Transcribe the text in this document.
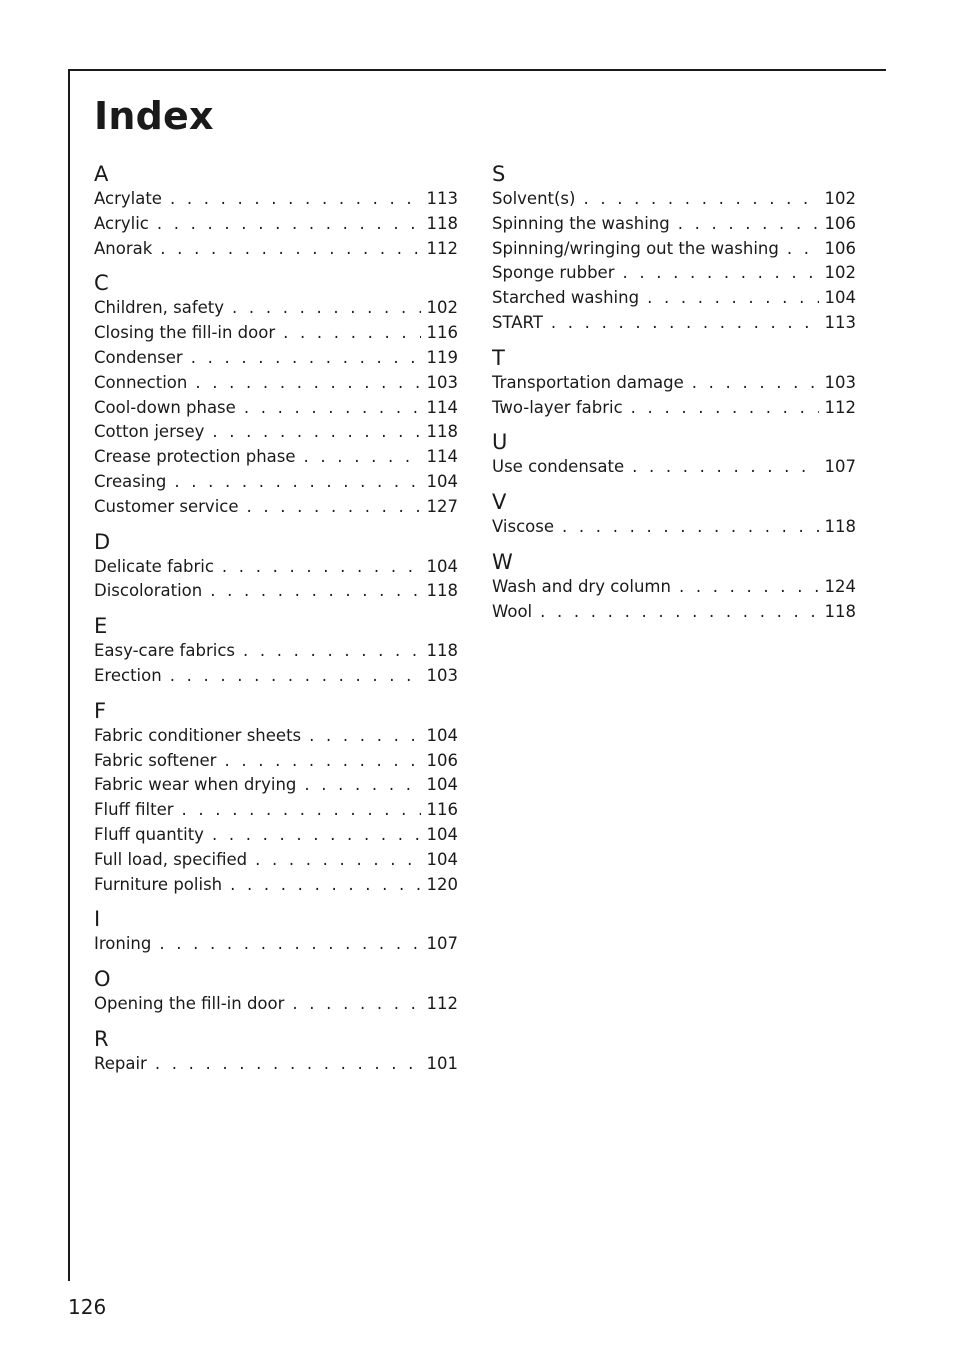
Index
A
Acrylate . . .	113
Acrylic . . .	118
Anorak . . .	112
C
Children, safety . . .	102
Closing the fill-in door . . .	116
Condenser . . .	119
Connection . . .	103
Cool-down phase . . .	114
Cotton jersey . . .	118
Crease protection phase . . .	114
Creasing . . .	104
Customer service . . .	127
D
Delicate fabric . . .	104
Discoloration . . .	118
E
Easy-care fabrics . . .	118
Erection . . .	103
F
Fabric conditioner sheets . . .	104
Fabric softener . . .	106
Fabric wear when drying . . .	104
Fluff filter . . .	116
Fluff quantity . . .	104
Full load, specified . . .	104
Furniture polish . . .	120
I
Ironing . . .	107
O
Opening the fill-in door . . .	112
R
Repair . . .	101
S
Solvent(s) . . .	102
Spinning the washing . . .	106
Spinning/wringing out the washing . . .	106
Sponge rubber . . .	102
Starched washing . . .	104
START . . .	113
T
Transportation damage . . .	103
Two-layer fabric . . .	112
U
Use condensate . . .	107
V
Viscose . . .	118
W
Wash and dry column . . .	124
Wool . . .	118
126
